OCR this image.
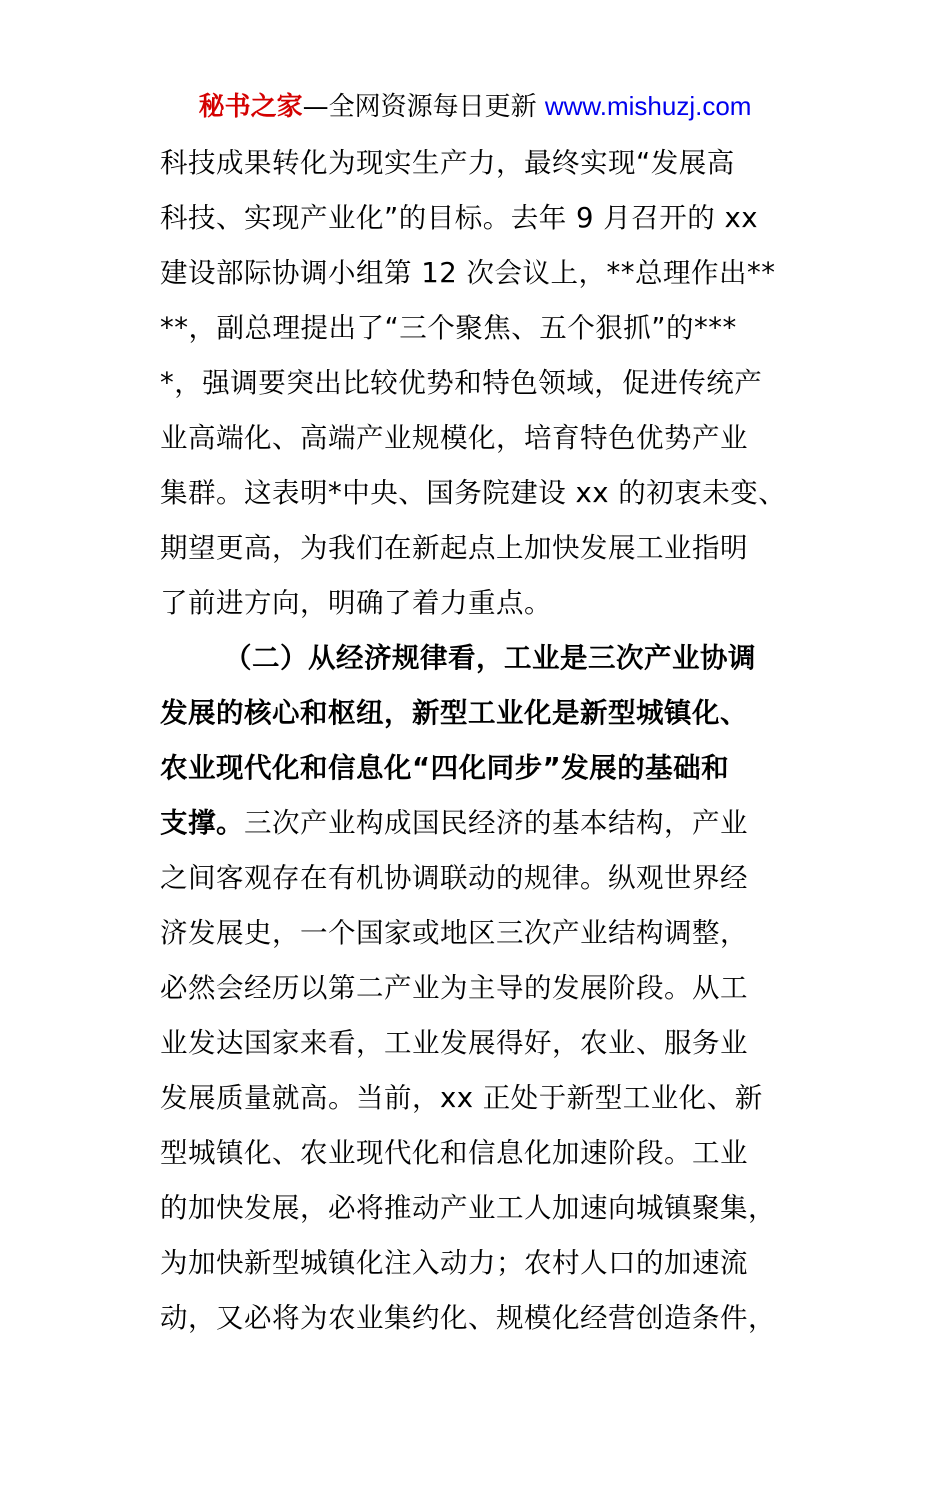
秘书之家—全网资源每日更新 www.mishuzj.com
科技成果转化为现实生产力，最终实现“发展高
科技、实现产业化”的目标。去年 9 月召开的 xx
建设部际协调小组第 12 次会议上，**总理作出**
**，副总理提出了“三个聚焦、五个狠抓”的***
*，强调要突出比较优势和特色领域，促进传统产
业高端化、高端产业规模化，培育特色优势产业
集群。这表明*中央、国务院建设 xx 的初衷未变、
期望更高，为我们在新起点上加快发展工业指明
了前进方向，明确了着力重点。
（二）从经济规律看，工业是三次产业协调
发展的核心和枢纽，新型工业化是新型城镇化、
农业现代化和信息化“四化同步”发展的基础和
支撑。三次产业构成国民经济的基本结构，产业
之间客观存在有机协调联动的规律。纵观世界经
济发展史，一个国家或地区三次产业结构调整，
必然会经历以第二产业为主导的发展阶段。从工
业发达国家来看，工业发展得好，农业、服务业
发展质量就高。当前，xx 正处于新型工业化、新
型城镇化、农业现代化和信息化加速阶段。工业
的加快发展，必将推动产业工人加速向城镇聚集，
为加快新型城镇化注入动力；农村人口的加速流
动，又必将为农业集约化、规模化经营创造条件，
